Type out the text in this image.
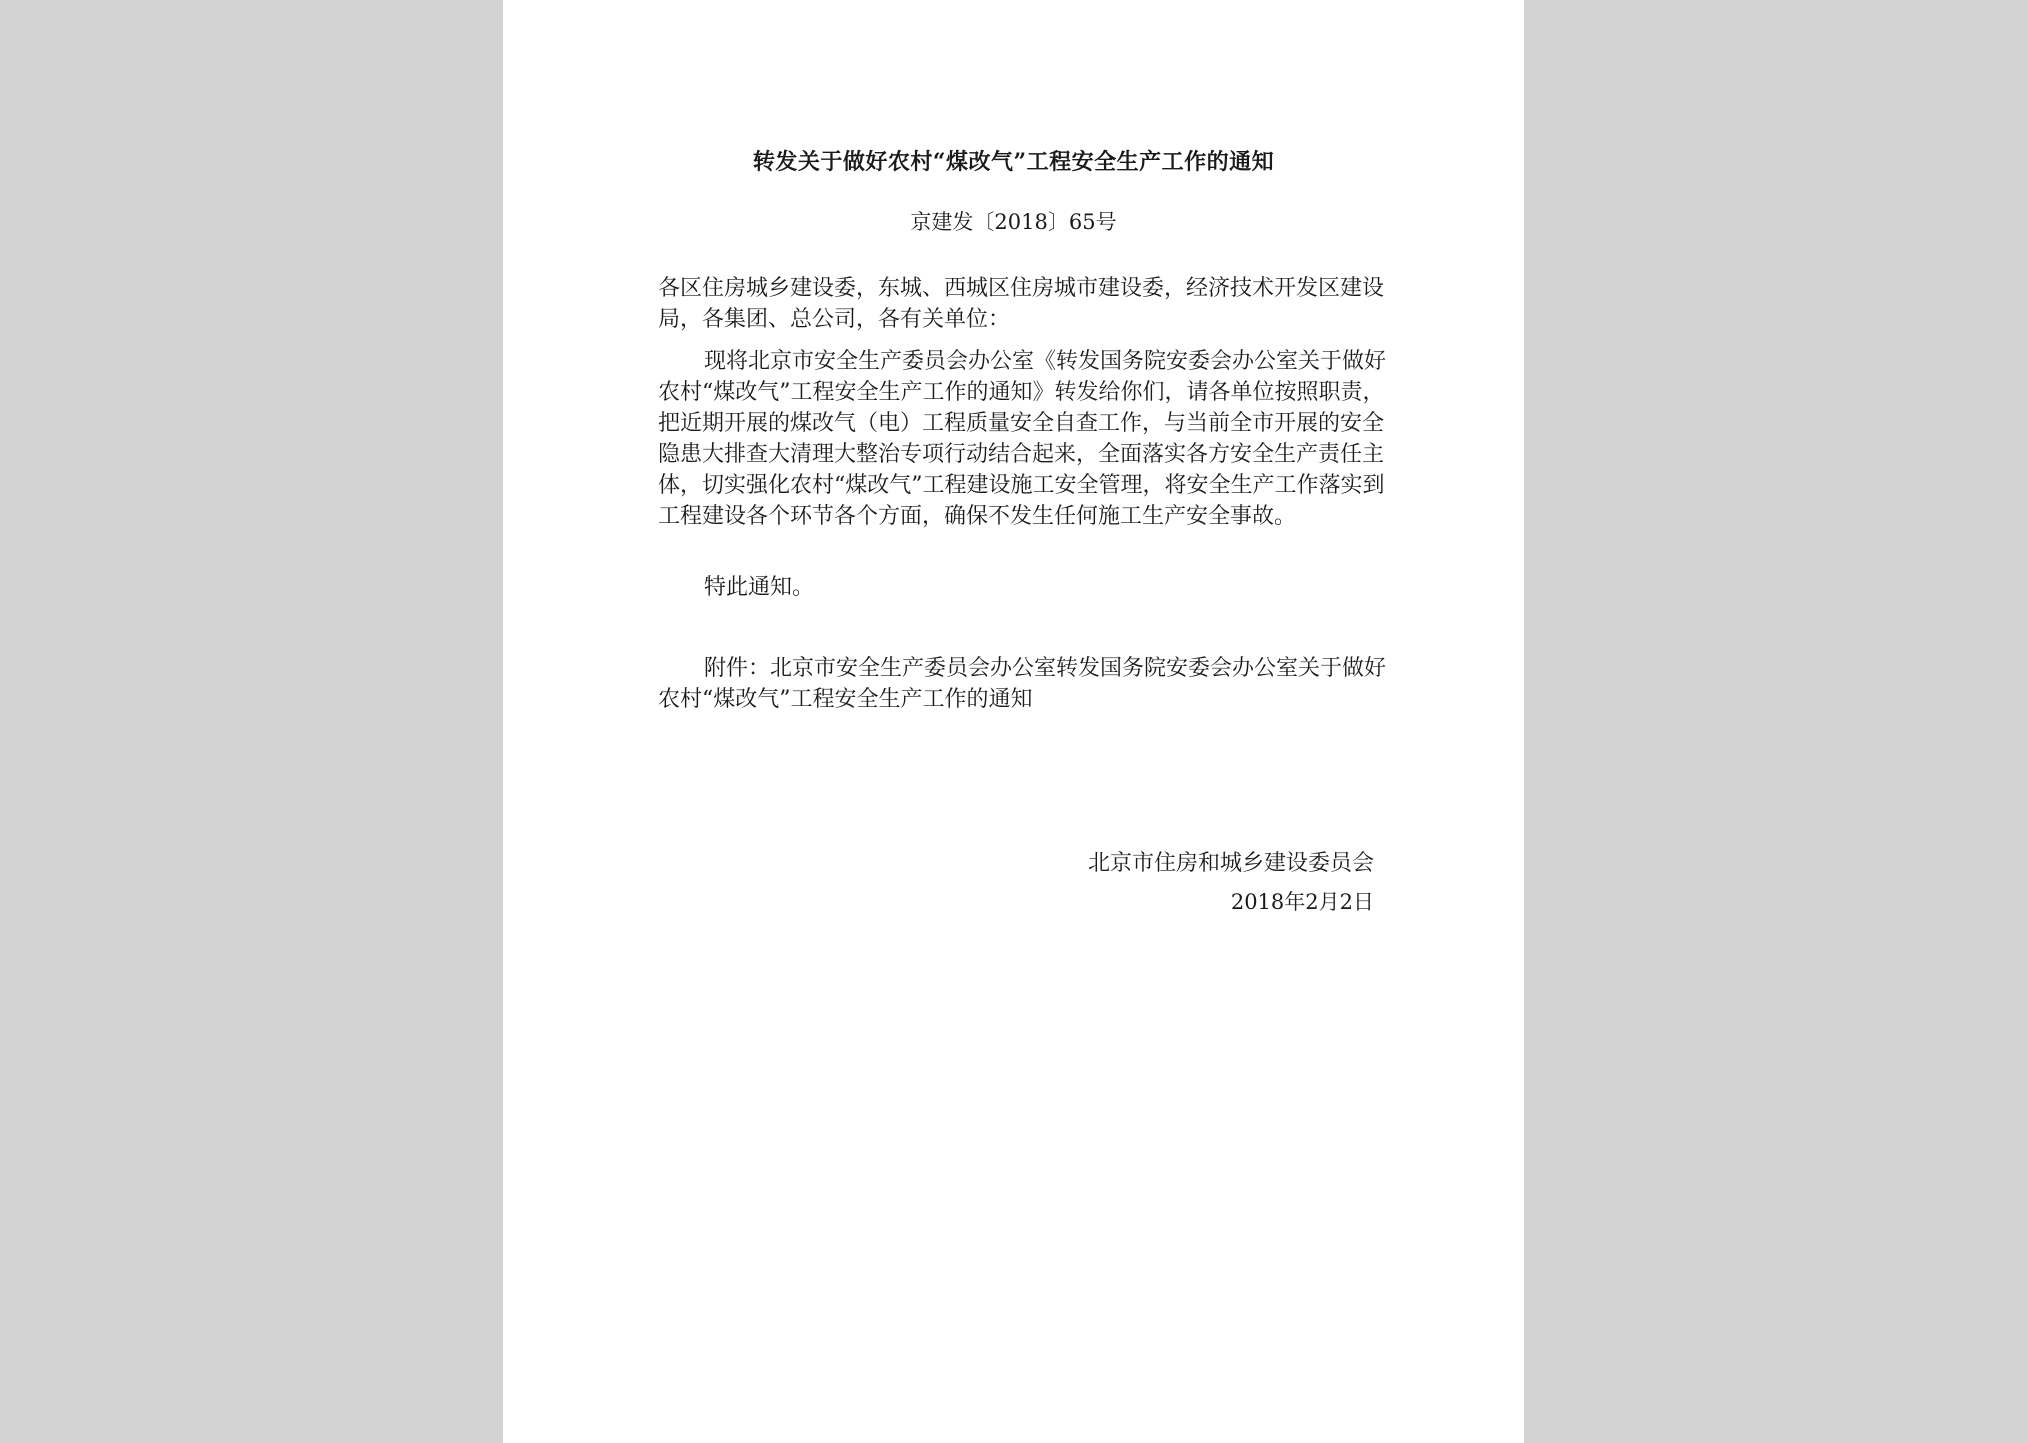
转发关于做好农村“煤改气”工程安全生产工作的通知
京建发〔2018〕65号
各区住房城乡建设委，东城、西城区住房城市建设委，经济技术开发区建设局，各集团、总公司，各有关单位：
现将北京市安全生产委员会办公室《转发国务院安委会办公室关于做好农村“煤改气”工程安全生产工作的通知》转发给你们，请各单位按照职责，把近期开展的煤改气（电）工程质量安全自查工作，与当前全市开展的安全隐患大排查大清理大整治专项行动结合起来，全面落实各方安全生产责任主体，切实强化农村“煤改气”工程建设施工安全管理，将安全生产工作落实到工程建设各个环节各个方面，确保不发生任何施工生产安全事故。
特此通知。
附件：北京市安全生产委员会办公室转发国务院安委会办公室关于做好农村“煤改气”工程安全生产工作的通知
北京市住房和城乡建设委员会
2018年2月2日
